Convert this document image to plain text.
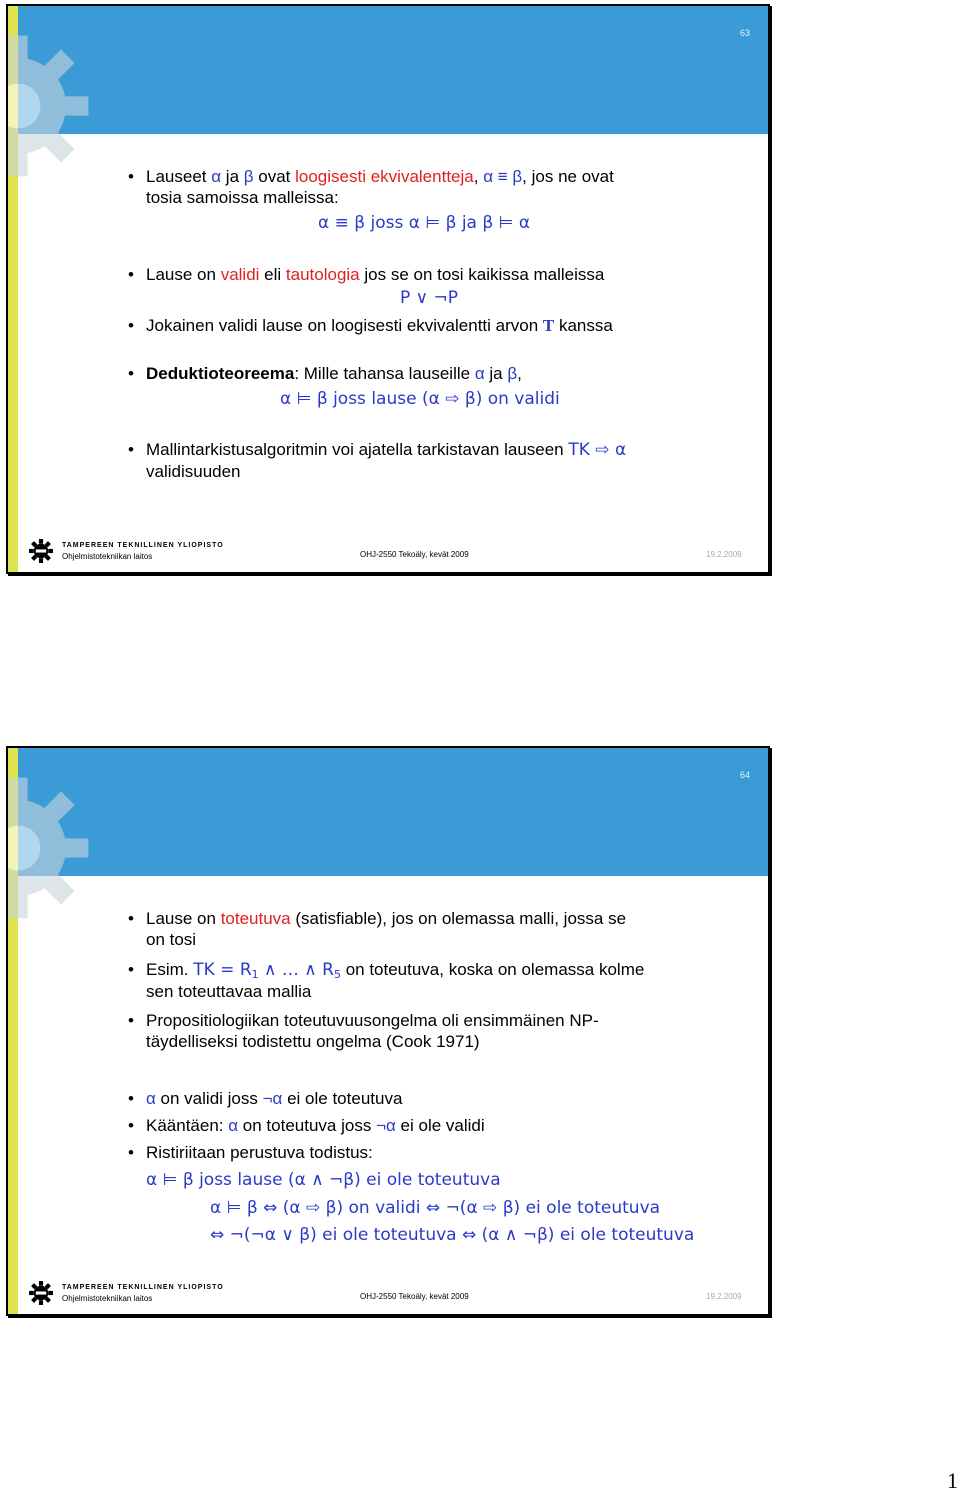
63
• Lauseet α ja β ovat loogisesti ekvivalentteja, α ≡ β, jos ne ovat
tosia samoissa malleissa:
α ≡ β joss α ⊨ β ja β ⊨ α
• Lause on validi eli tautologia jos se on tosi kaikissa malleissa
P ∨ ¬P
• Jokainen validi lause on loogisesti ekvivalentti arvon T kanssa
• Deduktioteoreema: Mille tahansa lauseille α ja β,
α ⊨ β joss lause (α ⇨ β) on validi
• Mallintarkistusalgoritmin voi ajatella tarkistavan lauseen TK ⇨ α
validisuuden
TAMPEREEN TEKNILLINEN YLIOPISTO
Ohjelmistotekniikan laitos	OHJ-2550 Tekoäly, kevät 2009	19.2.2009
64
• Lause on toteutuva (satisfiable), jos on olemassa malli, jossa se
on tosi
• Esim. TK = $R_1$ ∧ … ∧ $R_5$ on toteutuva, koska on olemassa kolme
sen toteuttavaa mallia
• Propositiologiikan toteutuvuusongelma oli ensimmäinen NP-
täydelliseksi todistettu ongelma (Cook 1971)
• α on validi joss ¬α ei ole toteutuva
• Kääntäen: α on toteutuva joss ¬α ei ole validi
• Ristiriitaan perustuva todistus:
α ⊨ β joss lause (α ∧ ¬β) ei ole toteutuva
α ⊨ β ⇔ (α ⇨ β) on validi ⇔ ¬(α ⇨ β) ei ole toteutuva
⇔ ¬(¬α ∨ β) ei ole toteutuva ⇔ (α ∧ ¬β) ei ole toteutuva
TAMPEREEN TEKNILLINEN YLIOPISTO
Ohjelmistotekniikan laitos	OHJ-2550 Tekoäly, kevät 2009	19.2.2009
1
